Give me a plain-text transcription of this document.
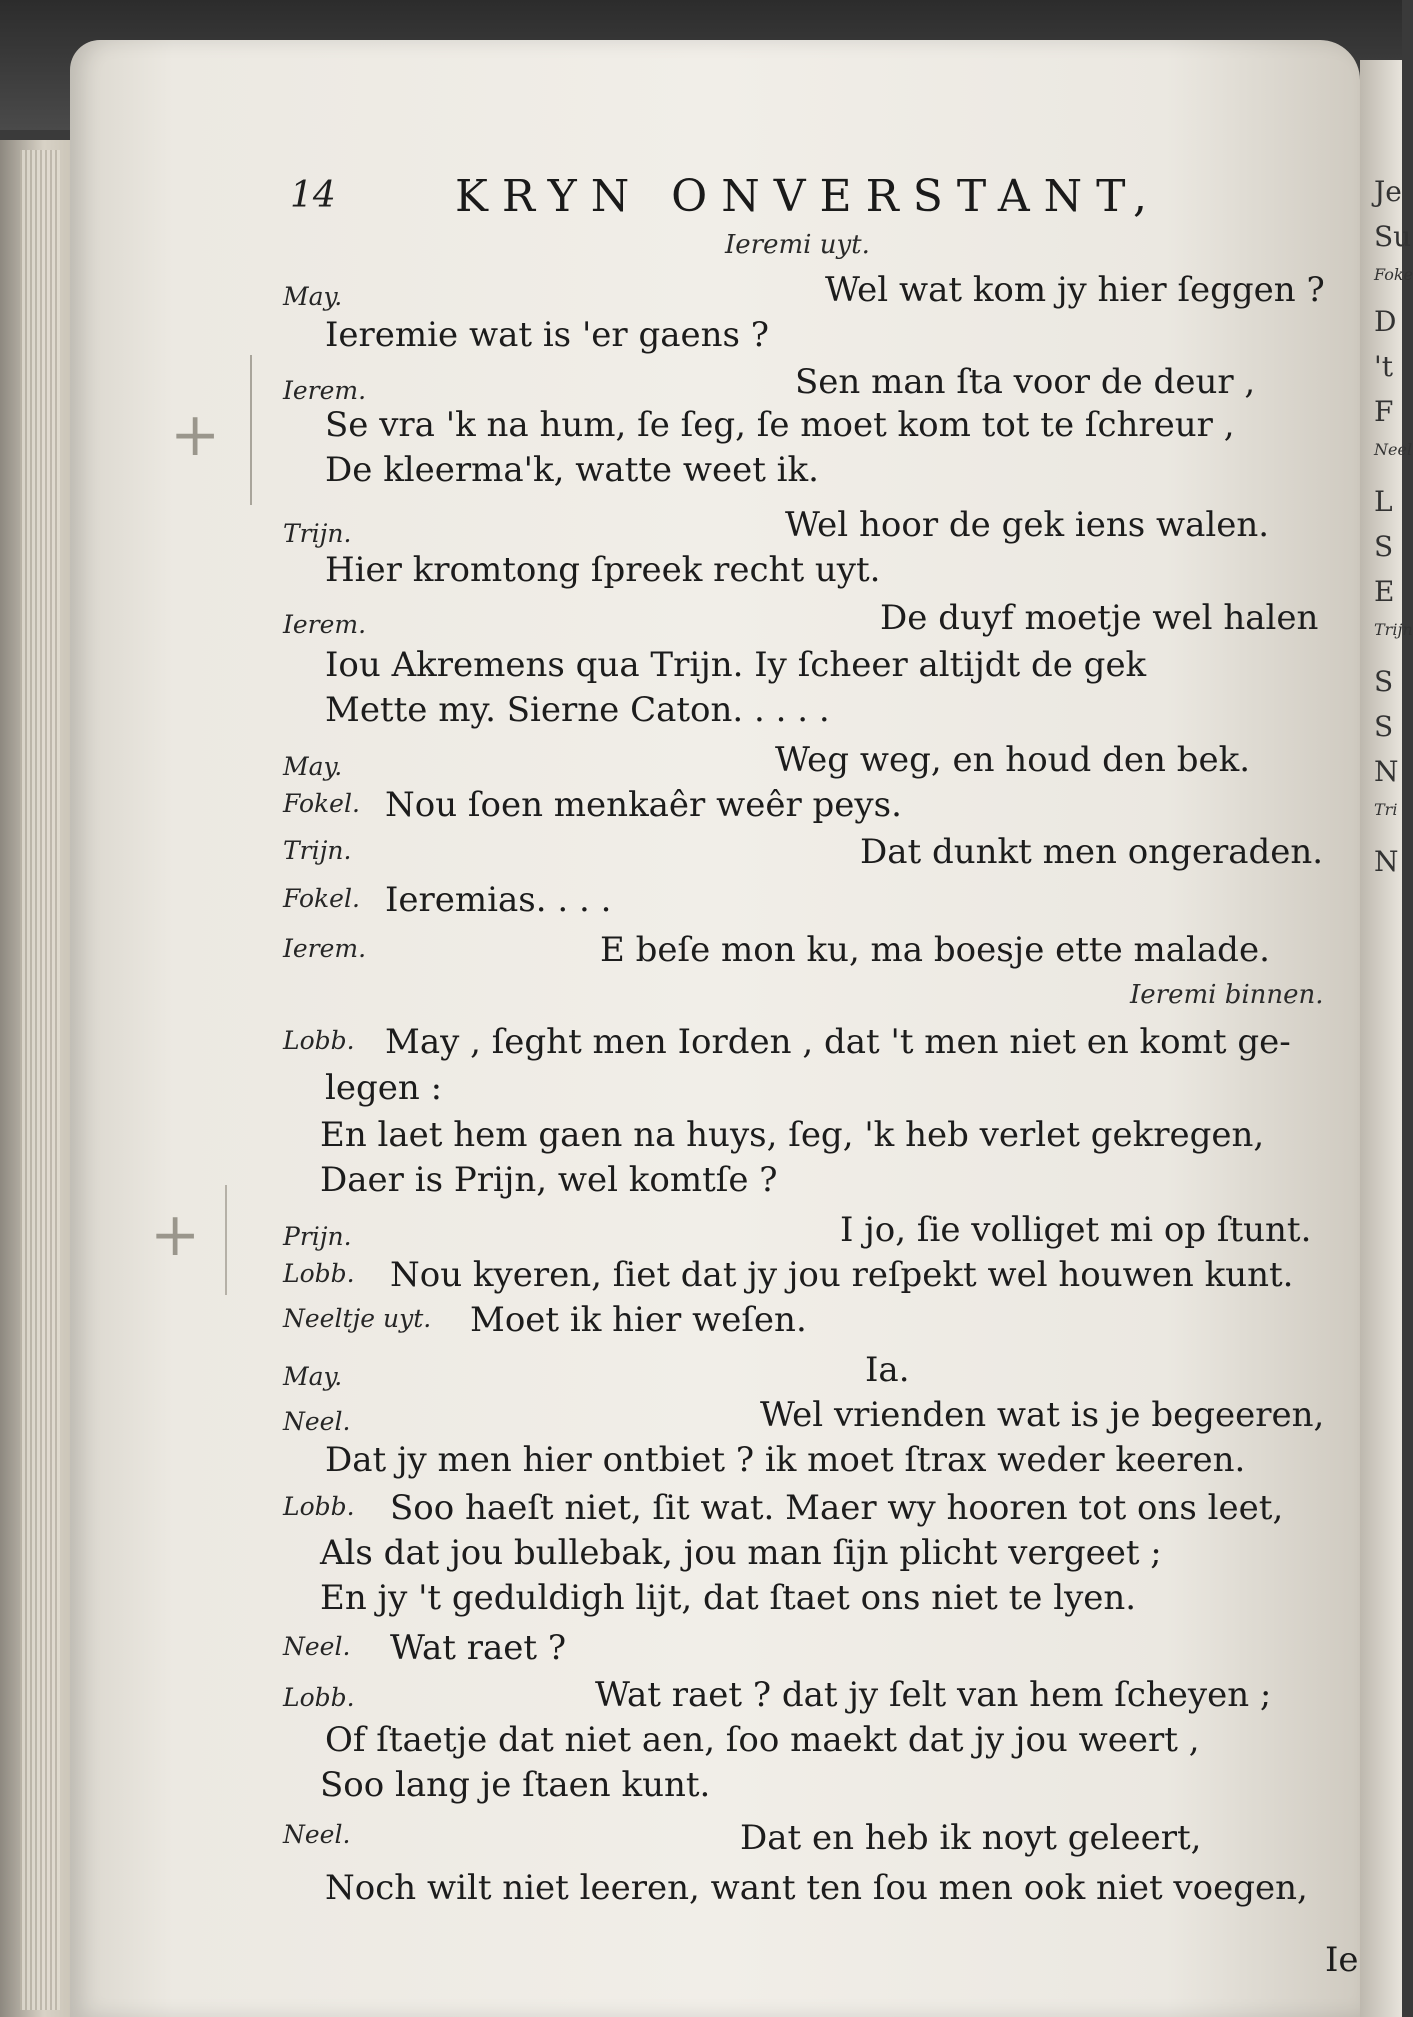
Je
Su
Foke
D
't
F
Neel
L
S
E
Trijn
S
S
N
Tri
N
14	KRYN ONVERSTANT,
+
+
Ieremi uyt.
May.	Wel wat kom jy hier ſeggen ?
Ieremie wat is 'er gaens ?
Ierem.	Sen man ſta voor de deur ,
Se vra 'k na hum, ſe ſeg, ſe moet kom tot te ſchreur ,
De kleerma'k, watte weet ik.
Trijn.	Wel hoor de gek iens walen.
Hier kromtong ſpreek recht uyt.
Ierem.	De duyf moetje wel halen
Iou Akremens qua Trijn. Iy ſcheer altijdt de gek
Mette my. Sierne Caton. . . . .
May.	Weg weg, en houd den bek.
Fokel. Nou ſoen menkaêr weêr peys.
Trijn.	Dat dunkt men ongeraden.
Fokel. Ieremias. . . .
Ierem.	E beſe mon ku, ma boesje ette malade.
Ieremi binnen.
Lobb. May , ſeght men Iorden , dat 't men niet en komt ge-
legen :
En laet hem gaen na huys, ſeg, 'k heb verlet gekregen,
Daer is Prijn, wel komtſe ?
Prijn.	I jo, ſie volliget mi op ſtunt.
Lobb. Nou kyeren, ſiet dat jy jou reſpekt wel houwen kunt.
Neeltje uyt. Moet ik hier weſen.
May.	Ia.
Neel.	Wel vrienden wat is je begeeren,
Dat jy men hier ontbiet ? ik moet ſtrax weder keeren.
Lobb. Soo haeſt niet, ſit wat. Maer wy hooren tot ons leet,
Als dat jou bullebak, jou man ſijn plicht vergeet ;
En jy 't geduldigh lijt, dat ſtaet ons niet te lyen.
Neel. Wat raet ?
Lobb.	Wat raet ? dat jy ſelt van hem ſcheyen ;
Of ſtaetje dat niet aen, ſoo maekt dat jy jou weert ,
Soo lang je ſtaen kunt.
Neel.	Dat en heb ik noyt geleert,
Noch wilt niet leeren, want ten ſou men ook niet voegen,
Ie
